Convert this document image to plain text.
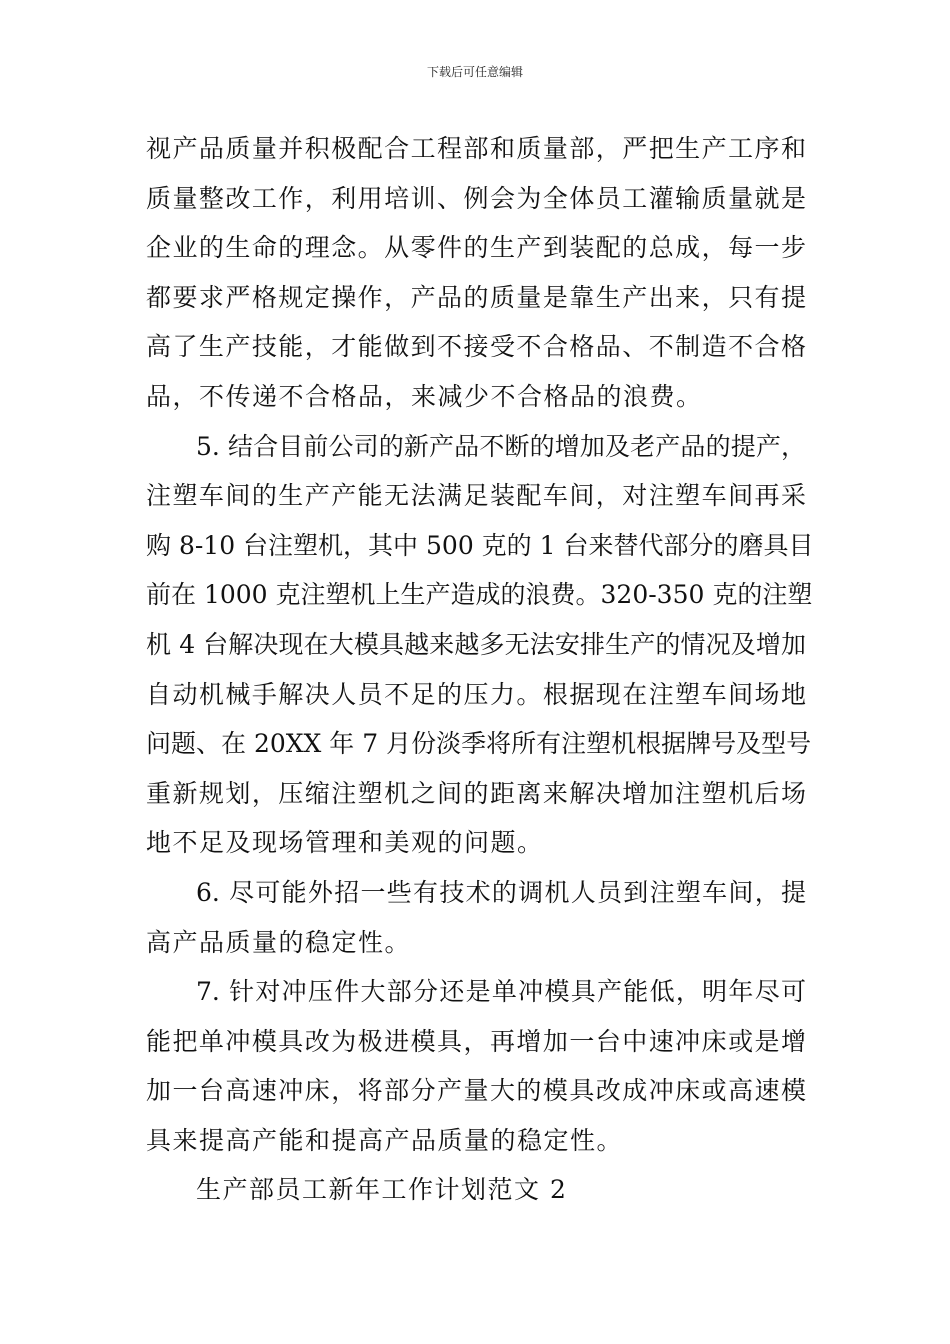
下载后可任意编辑
视产品质量并积极配合工程部和质量部，严把生产工序和
质量整改工作，利用培训、例会为全体员工灌输质量就是
企业的生命的理念。从零件的生产到装配的总成，每一步
都要求严格规定操作，产品的质量是靠生产出来，只有提
高了生产技能，才能做到不接受不合格品、不制造不合格
品，不传递不合格品，来减少不合格品的浪费。
5. 结合目前公司的新产品不断的增加及老产品的提产，
注塑车间的生产产能无法满足装配车间，对注塑车间再采
购 8-10 台注塑机，其中 500 克的 1 台来替代部分的磨具目
前在 1000 克注塑机上生产造成的浪费。320-350 克的注塑
机 4 台解决现在大模具越来越多无法安排生产的情况及增加
自动机械手解决人员不足的压力。根据现在注塑车间场地
问题、在 20XX 年 7 月份淡季将所有注塑机根据牌号及型号
重新规划，压缩注塑机之间的距离来解决增加注塑机后场
地不足及现场管理和美观的问题。
6. 尽可能外招一些有技术的调机人员到注塑车间，提
高产品质量的稳定性。
7. 针对冲压件大部分还是单冲模具产能低，明年尽可
能把单冲模具改为极进模具，再增加一台中速冲床或是增
加一台高速冲床，将部分产量大的模具改成冲床或高速模
具来提高产能和提高产品质量的稳定性。
生产部员工新年工作计划范文 2
